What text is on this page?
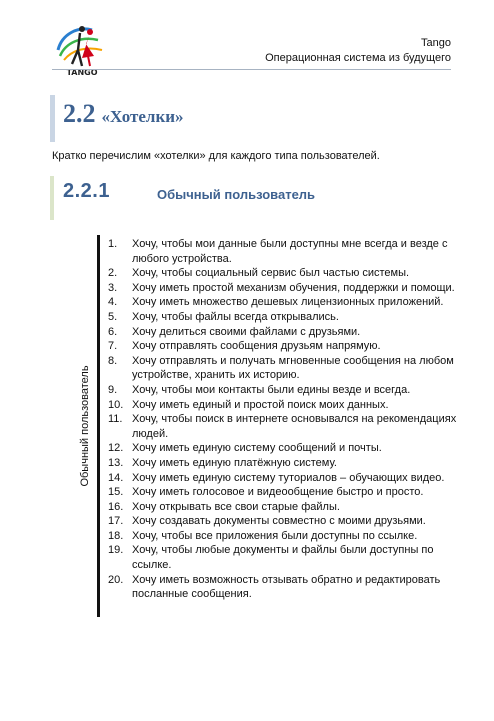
TANGO
Tango
Операционная система из будущего
2.2 «Хотелки»
Кратко перечислим «хотелки» для каждого типа пользователей.
2.2.1	Обычный пользователь
Обычный пользователь
1. Хочу, чтобы мои данные были доступны мне всегда и везде с любого устройства.
2. Хочу, чтобы социальный сервис был частью системы.
3. Хочу иметь простой механизм обучения, поддержки и помощи.
4. Хочу иметь множество дешевых лицензионных приложений.
5. Хочу, чтобы файлы всегда открывались.
6. Хочу делиться своими файлами с друзьями.
7. Хочу отправлять сообщения друзьям напрямую.
8. Хочу отправлять и получать мгновенные сообщения на любом устройстве, хранить их историю.
9. Хочу, чтобы мои контакты были едины везде и всегда.
10. Хочу иметь единый и простой поиск моих данных.
11. Хочу, чтобы поиск в интернете основывался на рекомендациях людей.
12. Хочу иметь единую систему сообщений и почты.
13. Хочу иметь единую платёжную систему.
14. Хочу иметь единую систему туториалов – обучающих видео.
15. Хочу иметь голосовое и видеообщение быстро и просто.
16. Хочу открывать все свои старые файлы.
17. Хочу создавать документы совместно с моими друзьями.
18. Хочу, чтобы все приложения были доступны по ссылке.
19. Хочу, чтобы любые документы и файлы были доступны по ссылке.
20. Хочу иметь возможность отзывать обратно и редактировать посланные сообщения.
